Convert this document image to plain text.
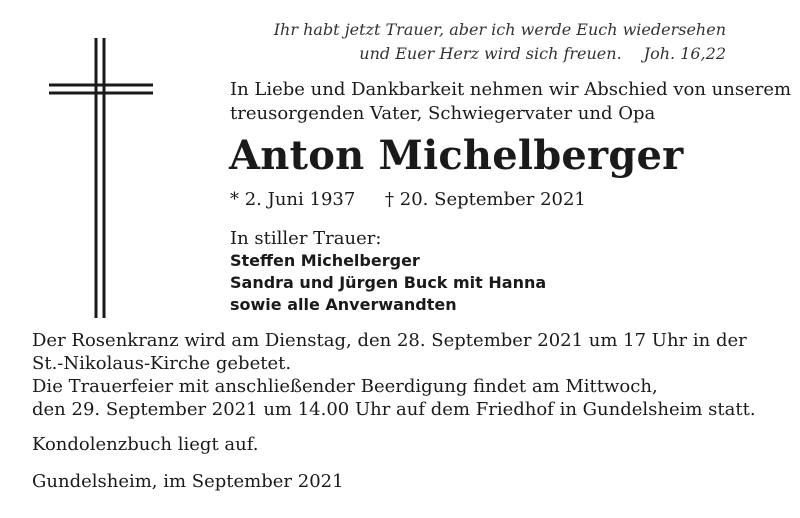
Ihr habt jetzt Trauer, aber ich werde Euch wiedersehen
und Euer Herz wird sich freuen. Joh. 16,22
In Liebe und Dankbarkeit nehmen wir Abschied von unserem
treusorgenden Vater, Schwiegervater und Opa
Anton Michelberger
* 2. Juni 1937 † 20. September 2021
In stiller Trauer:
Steffen Michelberger
Sandra und Jürgen Buck mit Hanna
sowie alle Anverwandten
Der Rosenkranz wird am Dienstag, den 28. September 2021 um 17 Uhr in der
St.-Nikolaus-Kirche gebetet.
Die Trauerfeier mit anschließender Beerdigung findet am Mittwoch,
den 29. September 2021 um 14.00 Uhr auf dem Friedhof in Gundelsheim statt.
Kondolenzbuch liegt auf.
Gundelsheim, im September 2021
